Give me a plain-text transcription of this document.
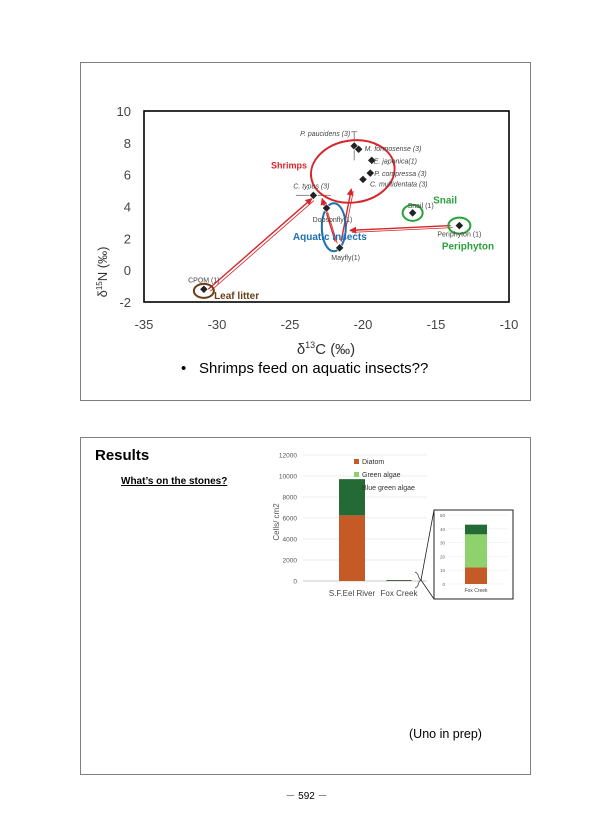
-35	-30	-25	-20	-15	-10
-2
0
2
4
6
8
10
Shrimps
Aquatic insects
Snail
Periphyton
Leaf litter
P. paucidens (3)
M. formosense (3)
E. japonica(1)
P. compressa (3)
C. typus (3)	C. multidentata (3)
Dobsonfly(1)
Mayfly(1)
Snail (1)
Periphyton (1)
CPOM (1)
$\delta^{13}C$ (‰)
$\delta^{15}N$ (‰)
• Shrimps feed on aquatic insects??
Results
What’s on the stones?
0
2000
4000
6000
8000
10000
12000
S.F.Eel River Fox Creek
Diatom
Green algae
Blue green algae
0
10
20
30
40
50
Fox Creek
Cells/ cm2
(Uno in prep)
－ 592 －
